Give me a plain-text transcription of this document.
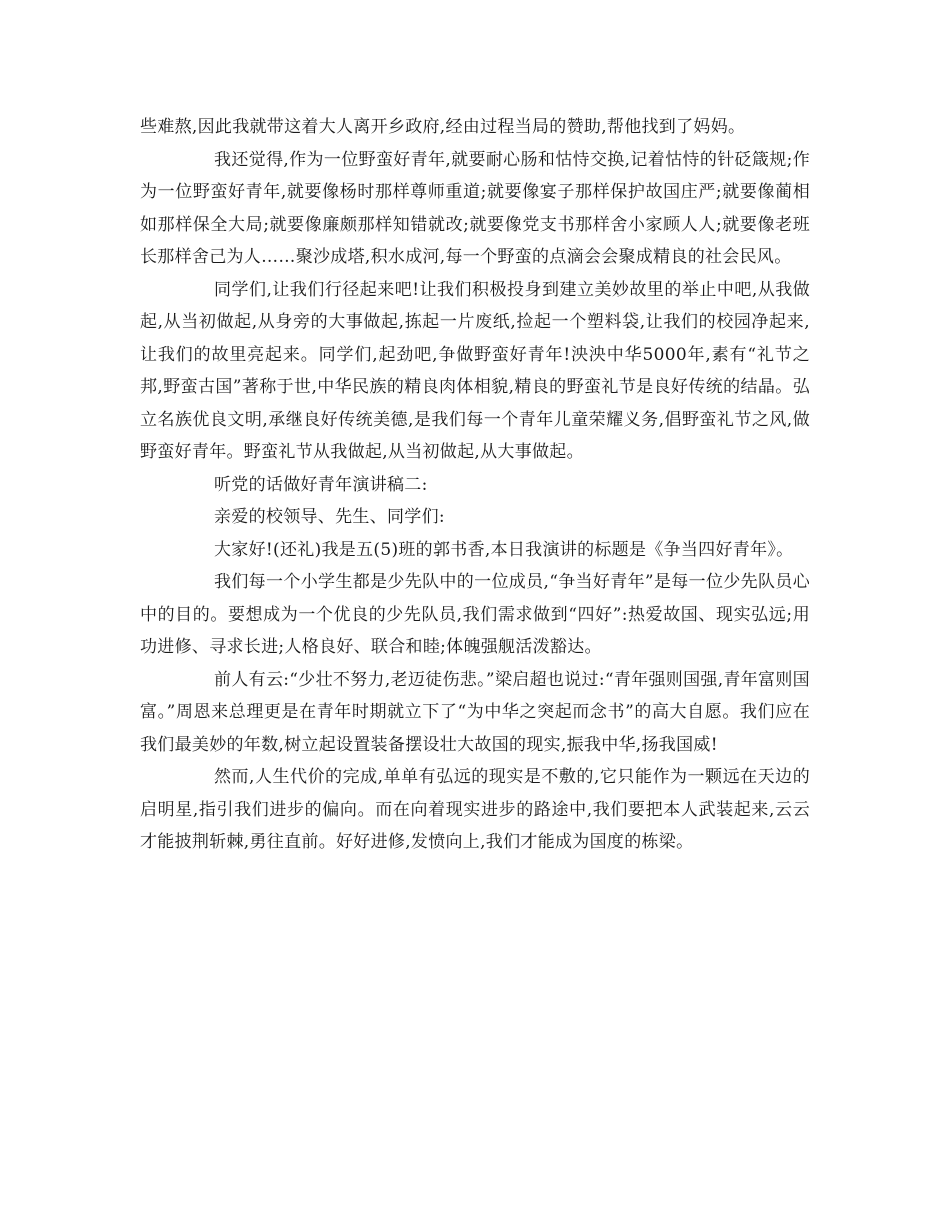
些难熬,因此我就带这着大人离开乡政府,经由过程当局的赞助,帮他找到了妈妈。

我还觉得,作为一位野蛮好青年,就要耐心肠和怙恃交换,记着怙恃的针砭箴规;作为一位野蛮好青年,就要像杨时那样尊师重道;就要像宴子那样保护故国庄严;就要像蔺相如那样保全大局;就要像廉颇那样知错就改;就要像党支书那样舍小家顾人人;就要像老班长那样舍己为人……聚沙成塔,积水成河,每一个野蛮的点滴会会聚成精良的社会民风。

同学们,让我们行径起来吧!让我们积极投身到建立美妙故里的举止中吧,从我做起,从当初做起,从身旁的大事做起,拣起一片废纸,捡起一个塑料袋,让我们的校园净起来,让我们的故里亮起来。同学们,起劲吧,争做野蛮好青年!泱泱中华5000年,素有“礼节之邦,野蛮古国”著称于世,中华民族的精良肉体相貌,精良的野蛮礼节是良好传统的结晶。弘立名族优良文明,承继良好传统美德,是我们每一个青年儿童荣耀义务,倡野蛮礼节之风,做野蛮好青年。野蛮礼节从我做起,从当初做起,从大事做起。

听党的话做好青年演讲稿二:

亲爱的校领导、先生、同学们:

大家好!(还礼)我是五(5)班的郭书香,本日我演讲的标题是《争当四好青年》。

我们每一个小学生都是少先队中的一位成员,“争当好青年”是每一位少先队员心中的目的。要想成为一个优良的少先队员,我们需求做到“四好”:热爱故国、现实弘远;用功进修、寻求长进;人格良好、联合和睦;体魄强舰活泼豁达。

前人有云:“少壮不努力,老迈徒伤悲。”梁启超也说过:“青年强则国强,青年富则国富。”周恩来总理更是在青年时期就立下了“为中华之突起而念书”的高大自愿。我们应在我们最美妙的年数,树立起设置装备摆设壮大故国的现实,振我中华,扬我国威!

然而,人生代价的完成,单单有弘远的现实是不敷的,它只能作为一颗远在天边的启明星,指引我们进步的偏向。而在向着现实进步的路途中,我们要把本人武装起来,云云才能披荆斩棘,勇往直前。好好进修,发愤向上,我们才能成为国度的栋梁。
